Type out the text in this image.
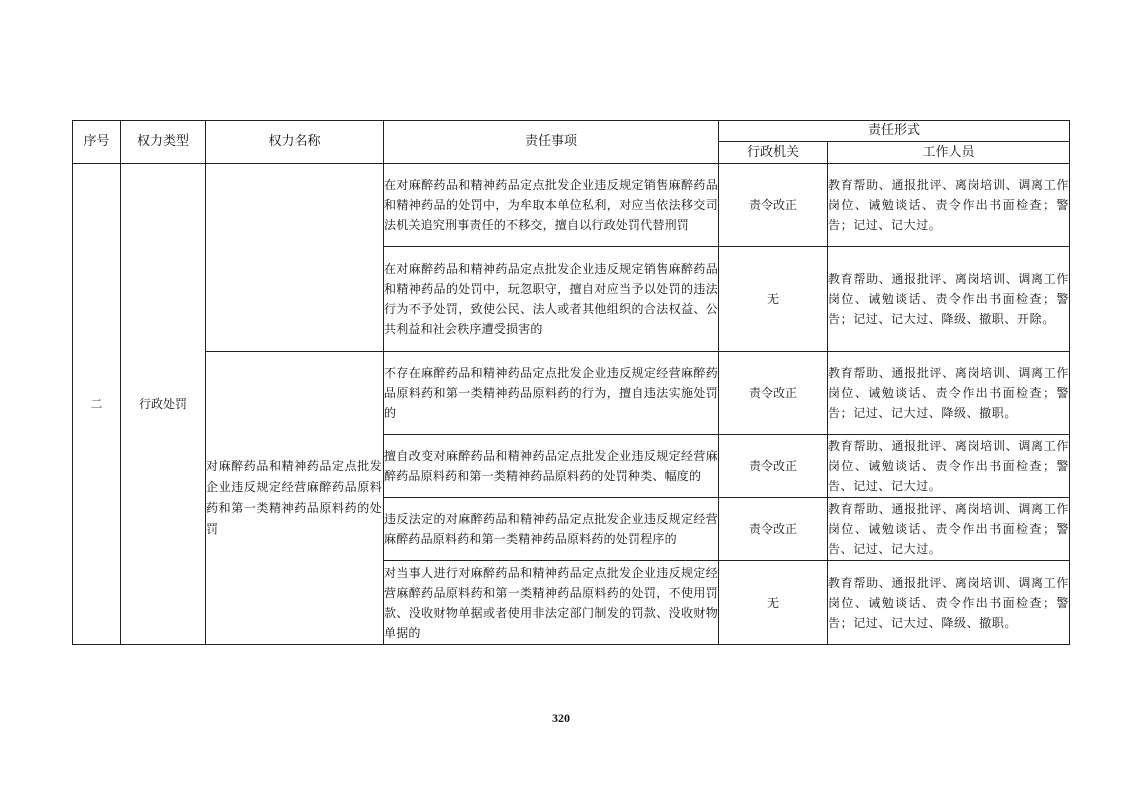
序号	权力类型	权力名称	责任事项	责任形式	
				行政机关	工作人员
二	行政处罚		在对麻醉药品和精神药品定点批发企业违反规定销售麻醉药品和精神药品的处罚中，为牟取本单位私利，对应当依法移交司法机关追究刑事责任的不移交，擅自以行政处罚代替刑罚	责令改正	教育帮助、通报批评、离岗培训、调离工作岗位、诫勉谈话、责令作出书面检查；警告；记过、记大过。
			在对麻醉药品和精神药品定点批发企业违反规定销售麻醉药品和精神药品的处罚中，玩忽职守，擅自对应当予以处罚的违法行为不予处罚，致使公民、法人或者其他组织的合法权益、公共利益和社会秩序遭受损害的	无	教育帮助、通报批评、离岗培训、调离工作岗位、诫勉谈话、责令作出书面检查；警告；记过、记大过、降级、撤职、开除。
		对麻醉药品和精神药品定点批发企业违反规定经营麻醉药品原料药和第一类精神药品原料药的处罚	不存在麻醉药品和精神药品定点批发企业违反规定经营麻醉药品原料药和第一类精神药品原料药的行为，擅自违法实施处罚的	责令改正	教育帮助、通报批评、离岗培训、调离工作岗位、诫勉谈话、责令作出书面检查；警告；记过、记大过、降级、撤职。
			擅自改变对麻醉药品和精神药品定点批发企业违反规定经营麻醉药品原料药和第一类精神药品原料药的处罚种类、幅度的	责令改正	教育帮助、通报批评、离岗培训、调离工作岗位、诫勉谈话、责令作出书面检查；警告、记过、记大过。
			违反法定的对麻醉药品和精神药品定点批发企业违反规定经营麻醉药品原料药和第一类精神药品原料药的处罚程序的	责令改正	教育帮助、通报批评、离岗培训、调离工作岗位、诫勉谈话、责令作出书面检查；警告、记过、记大过。
			对当事人进行对麻醉药品和精神药品定点批发企业违反规定经营麻醉药品原料药和第一类精神药品原料药的处罚，不使用罚款、没收财物单据或者使用非法定部门制发的罚款、没收财物单据的	无	教育帮助、通报批评、离岗培训、调离工作岗位、诫勉谈话、责令作出书面检查；警告；记过、记大过、降级、撤职。
320
